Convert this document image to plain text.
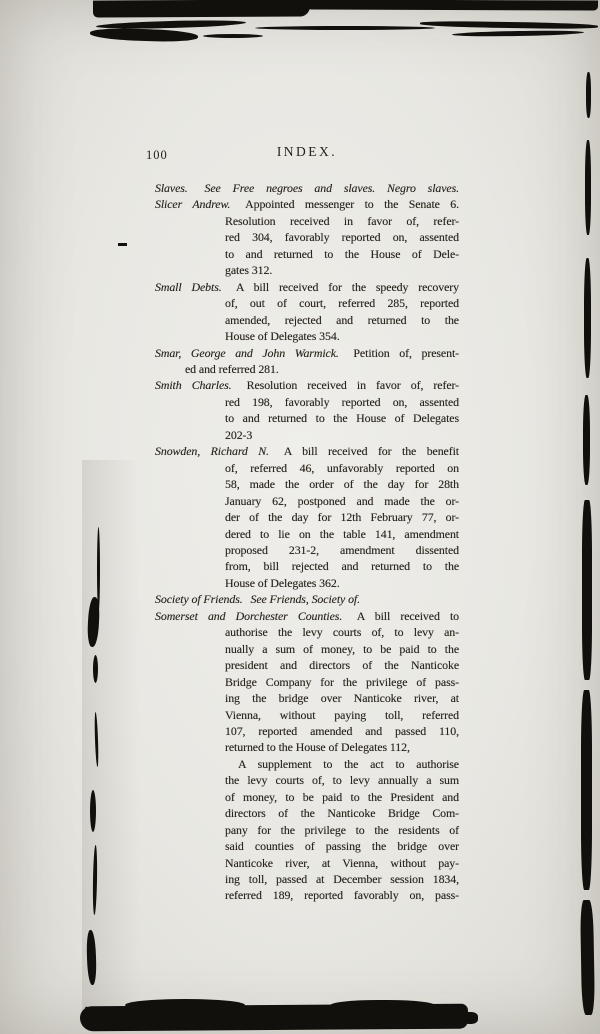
100	INDEX.
Slaves. See Free negroes and slaves. Negro slaves.
Slicer Andrew. Appointed messenger to the Senate 6.
Resolution received in favor of, refer-
red 304, favorably reported on, assented
to and returned to the House of Dele-
gates 312.
Small Debts. A bill received for the speedy recovery
of, out of court, referred 285, reported
amended, rejected and returned to the
House of Delegates 354.
Smar, George and John Warmick. Petition of, present-
ed and referred 281.
Smith Charles. Resolution received in favor of, refer-
red 198, favorably reported on, assented
to and returned to the House of Delegates
202-3
Snowden, Richard N. A bill received for the benefit
of, referred 46, unfavorably reported on
58, made the order of the day for 28th
January 62, postponed and made the or-
der of the day for 12th February 77, or-
dered to lie on the table 141, amendment
proposed 231-2, amendment dissented
from, bill rejected and returned to the
House of Delegates 362.
Society of Friends. See Friends, Society of.
Somerset and Dorchester Counties. A bill received to
authorise the levy courts of, to levy an-
nually a sum of money, to be paid to the
president and directors of the Nanticoke
Bridge Company for the privilege of pass-
ing the bridge over Nanticoke river, at
Vienna, without paying toll, referred
107, reported amended and passed 110,
returned to the House of Delegates 112,
A supplement to the act to authorise
the levy courts of, to levy annually a sum
of money, to be paid to the President and
directors of the Nanticoke Bridge Com-
pany for the privilege to the residents of
said counties of passing the bridge over
Nanticoke river, at Vienna, without pay-
ing toll, passed at December session 1834,
referred 189, reported favorably on, pass-
